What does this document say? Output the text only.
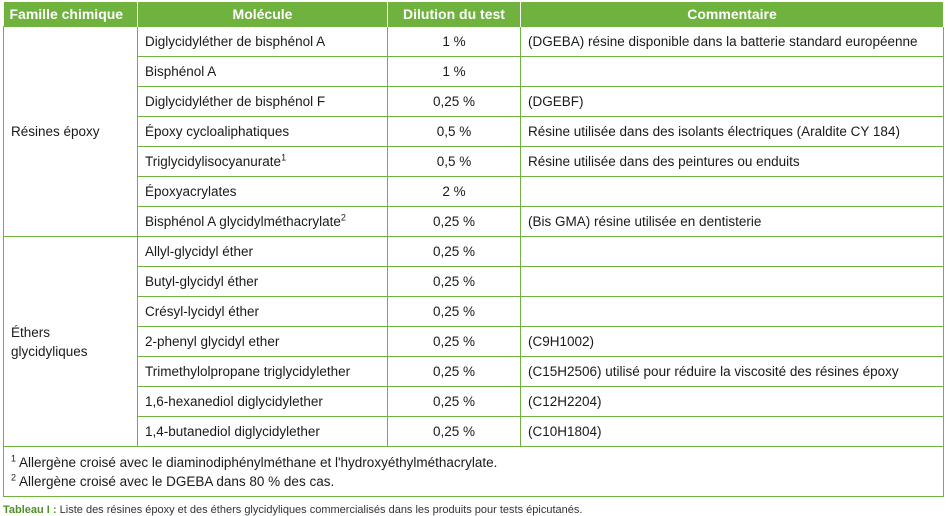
Famille chimique	Molécule	Dilution du test	Commentaire
Résines époxy	Diglycidyléther de bisphénol A	1 %	(DGEBA) résine disponible dans la batterie standard européenne
	Bisphénol A	1 %	
	Diglycidyléther de bisphénol F	0,25 %	(DGEBF)
	Époxy cycloaliphatiques	0,5 %	Résine utilisée dans des isolants électriques (Araldite CY 184)
	Triglycidylisocyanurate$^1$	0,5 %	Résine utilisée dans des peintures ou enduits
	Époxyacrylates	2 %	
	Bisphénol A glycidylméthacrylate$^2$	0,25 %	(Bis GMA) résine utilisée en dentisterie
Éthers glycidyliques	Allyl-glycidyl éther	0,25 %	
	Butyl-glycidyl éther	0,25 %	
	Crésyl-lycidyl éther	0,25 %	
	2-phenyl glycidyl ether	0,25 %	(C9H1002)
	Trimethylolpropane triglycidylether	0,25 %	(C15H2506) utilisé pour réduire la viscosité des résines époxy
	1,6-hexanediol diglycidylether	0,25 %	(C12H2204)
	1,4-butanediol diglycidylether	0,25 %	(C10H1804)

$^1$ Allergène croisé avec le diaminodiphénylméthane et l'hydroxyéthylméthacrylate.
$^2$ Allergène croisé avec le DGEBA dans 80 % des cas.			
Tableau I : Liste des résines époxy et des éthers glycidyliques commercialisés dans les produits pour tests épicutanés.
